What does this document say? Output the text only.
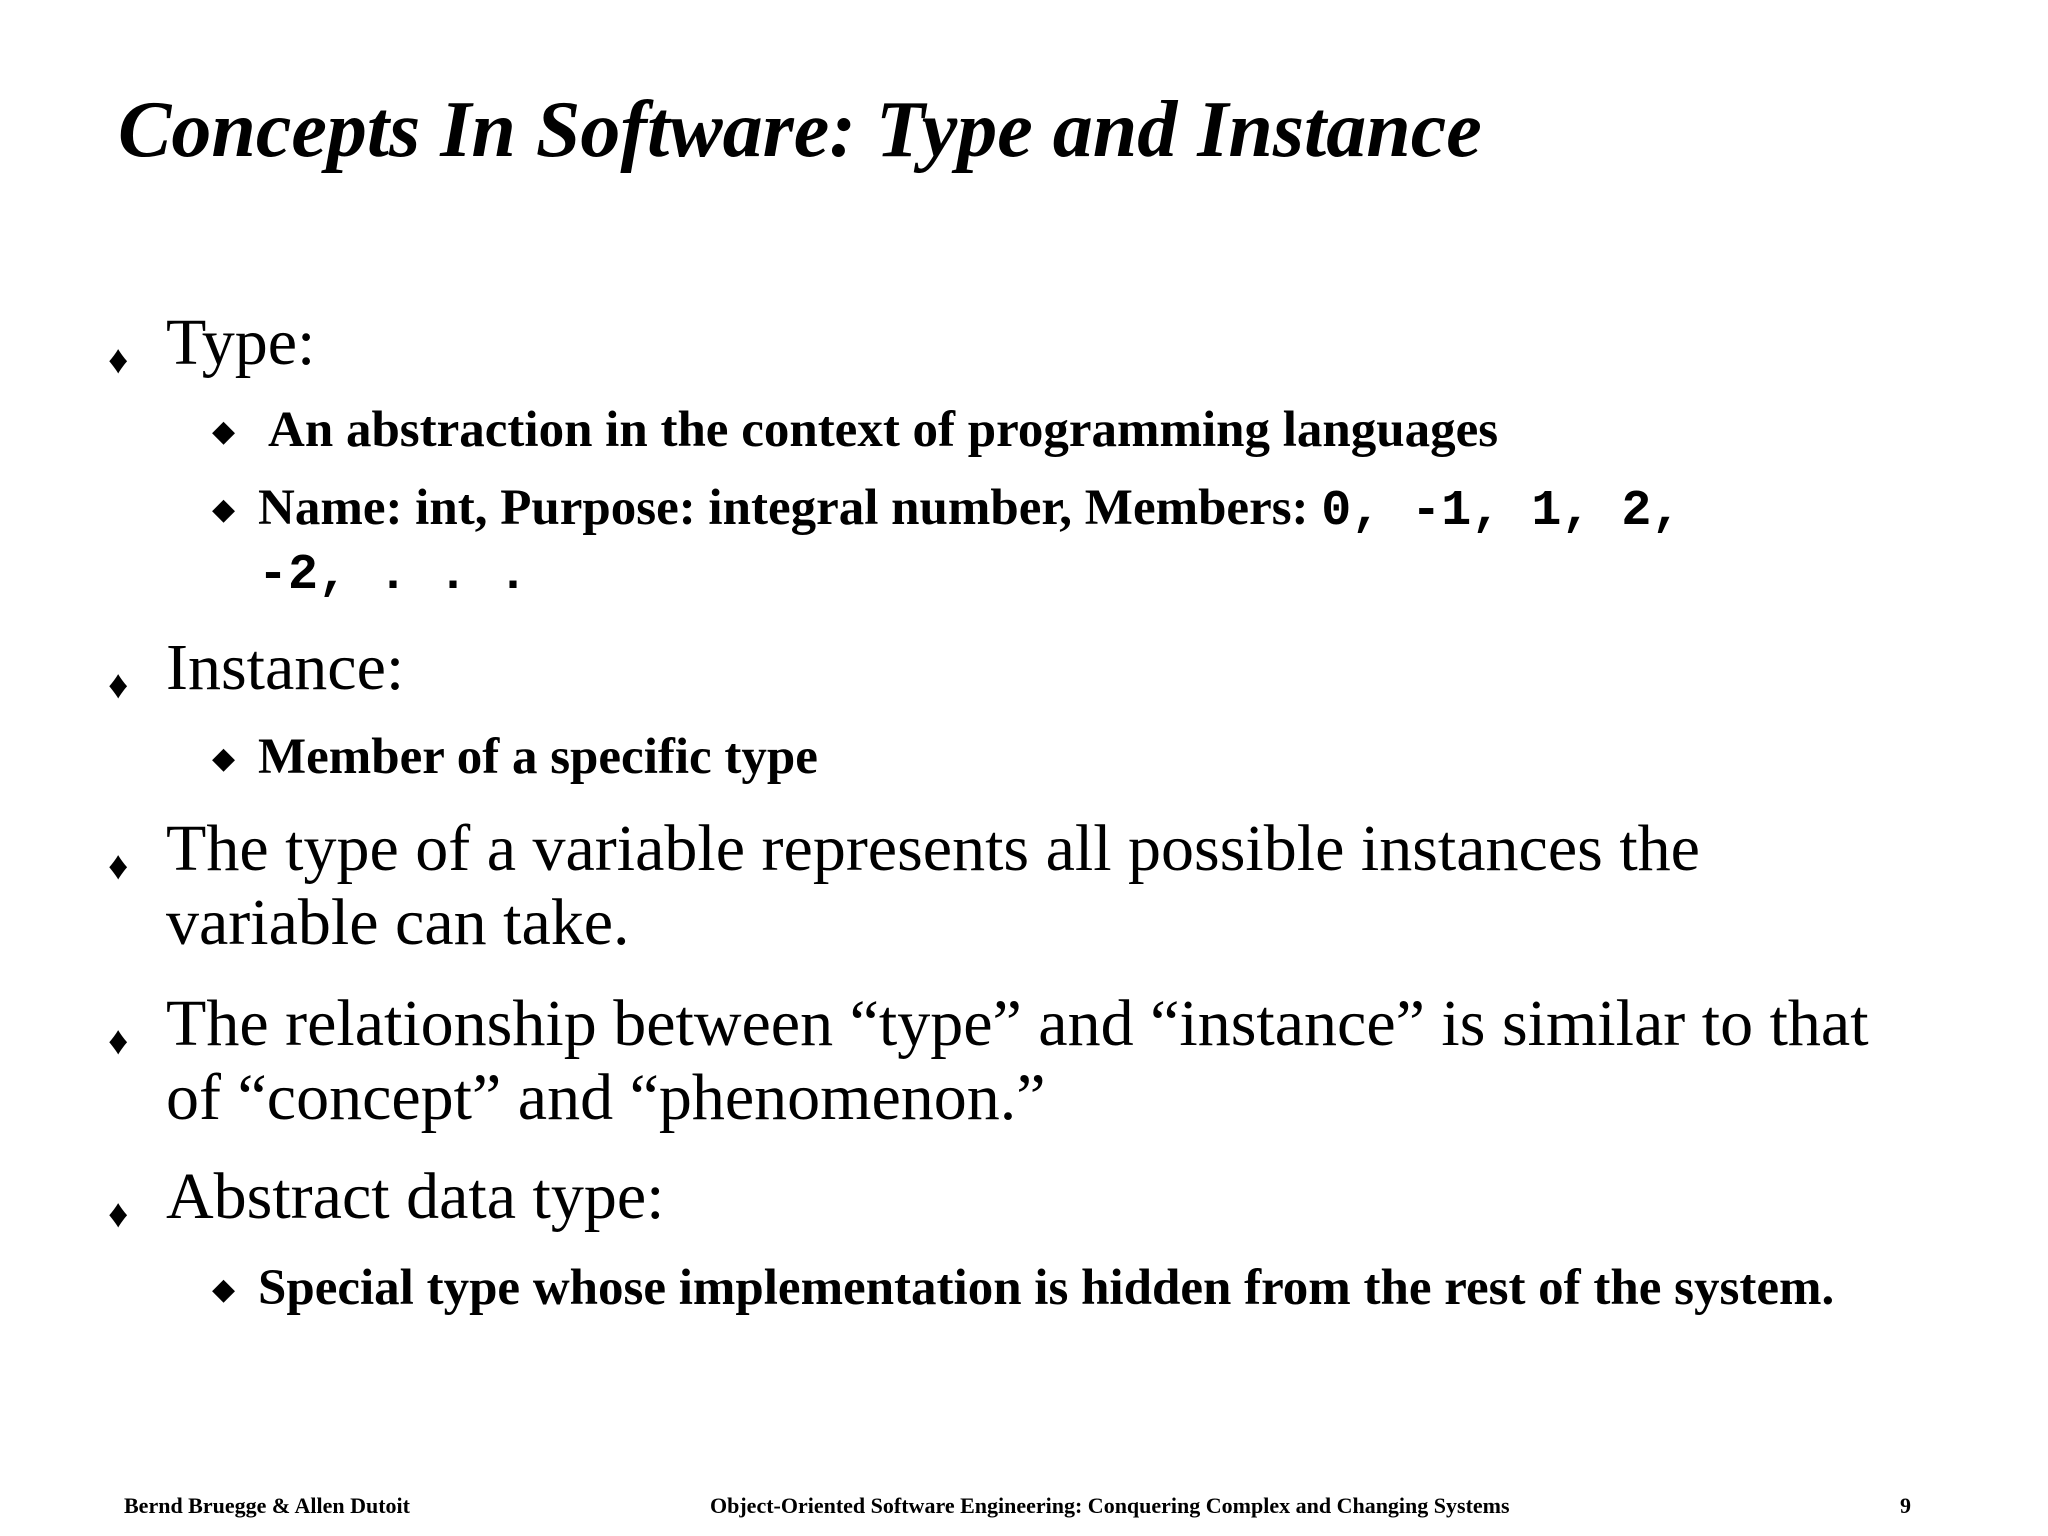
Concepts In Software: Type and Instance
♦ Type:
◆ An abstraction in the context of programming languages
◆ Name: int, Purpose: integral number, Members: 0, -1, 1, 2,
-2, . . .
♦ Instance:
◆ Member of a specific type
♦ The type of a variable represents all possible instances the variable can take.
♦ The relationship between “type” and “instance” is similar to that of “concept” and “phenomenon.”
♦ Abstract data type:
◆ Special type whose implementation is hidden from the rest of the system.
Bernd Bruegge & Allen Dutoit	Object-Oriented Software Engineering: Conquering Complex and Changing Systems	9
